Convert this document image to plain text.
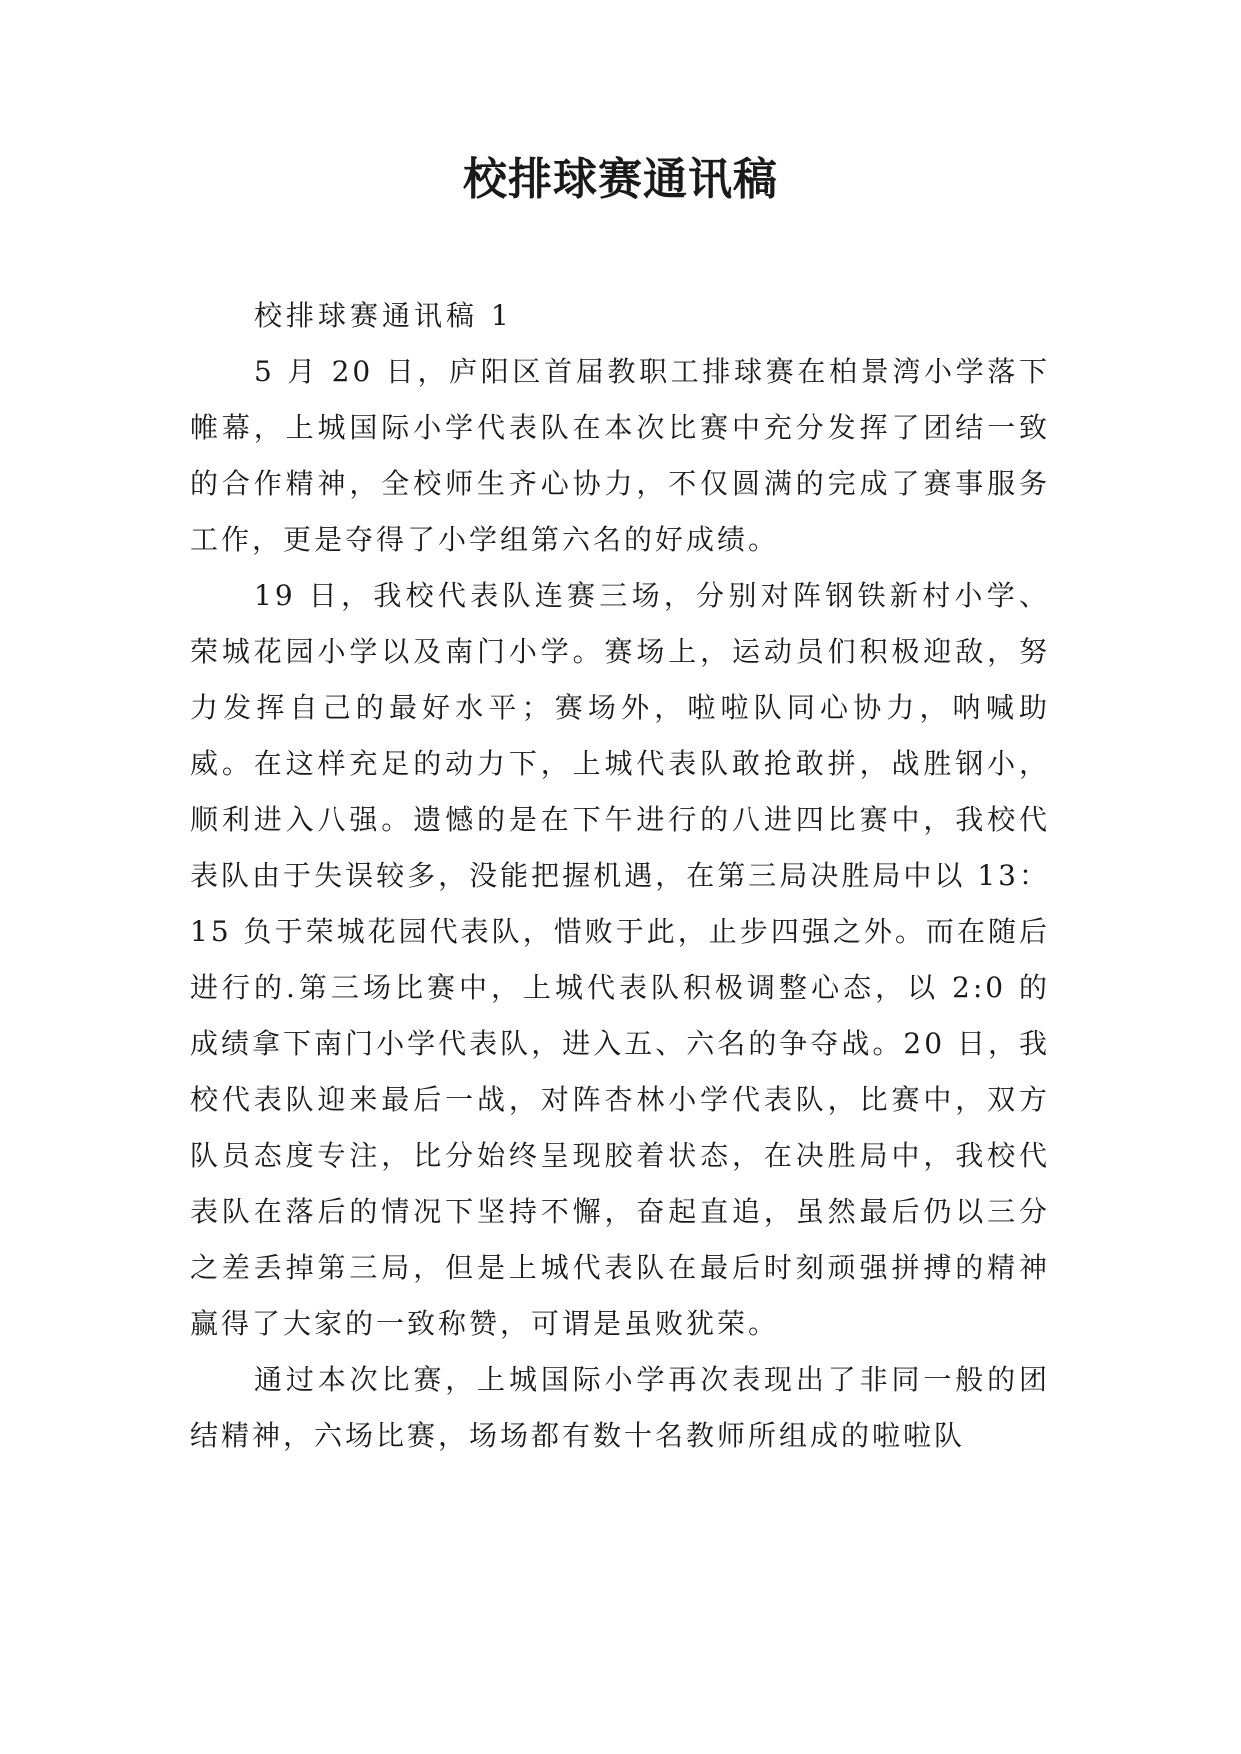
校排球赛通讯稿

校排球赛通讯稿 1

5 月 20 日，庐阳区首届教职工排球赛在柏景湾小学落下帷幕，上城国际小学代表队在本次比赛中充分发挥了团结一致的合作精神，全校师生齐心协力，不仅圆满的完成了赛事服务工作，更是夺得了小学组第六名的好成绩。

19 日，我校代表队连赛三场，分别对阵钢铁新村小学、荣城花园小学以及南门小学。赛场上，运动员们积极迎敌，努力发挥自己的最好水平；赛场外，啦啦队同心协力，呐喊助威。在这样充足的动力下，上城代表队敢抢敢拼，战胜钢小，顺利进入八强。遗憾的是在下午进行的八进四比赛中，我校代表队由于失误较多，没能把握机遇，在第三局决胜局中以 13：15 负于荣城花园代表队，惜败于此，止步四强之外。而在随后进行的.第三场比赛中，上城代表队积极调整心态，以 2:0 的成绩拿下南门小学代表队，进入五、六名的争夺战。20 日，我校代表队迎来最后一战，对阵杏林小学代表队，比赛中，双方队员态度专注，比分始终呈现胶着状态，在决胜局中，我校代表队在落后的情况下坚持不懈，奋起直追，虽然最后仍以三分之差丢掉第三局，但是上城代表队在最后时刻顽强拼搏的精神赢得了大家的一致称赞，可谓是虽败犹荣。

通过本次比赛，上城国际小学再次表现出了非同一般的团结精神，六场比赛，场场都有数十名教师所组成的啦啦队
